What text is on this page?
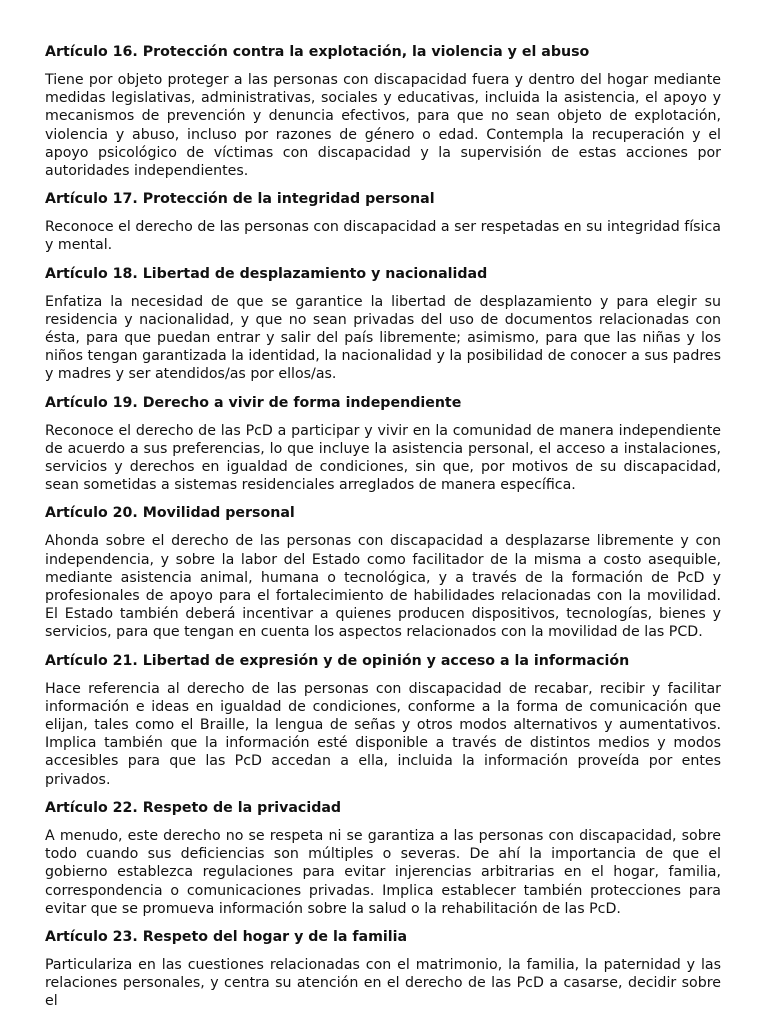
Artículo 16. Protección contra la explotación, la violencia y el abuso

Tiene por objeto proteger a las personas con discapacidad fuera y dentro del hogar mediante medidas legislativas, administrativas, sociales y educativas, incluida la asistencia, el apoyo y mecanismos de prevención y denuncia efectivos, para que no sean objeto de explotación, violencia y abuso, incluso por razones de género o edad. Contempla la recuperación y el apoyo psicológico de víctimas con discapacidad y la supervisión de estas acciones por autoridades independientes.

Artículo 17. Protección de la integridad personal

Reconoce el derecho de las personas con discapacidad a ser respetadas en su integridad física y mental.

Artículo 18. Libertad de desplazamiento y nacionalidad

Enfatiza la necesidad de que se garantice la libertad de desplazamiento y para elegir su residencia y nacionalidad, y que no sean privadas del uso de documentos relacionadas con ésta, para que puedan entrar y salir del país libremente; asimismo, para que las niñas y los niños tengan garantizada la identidad, la nacionalidad y la posibilidad de conocer a sus padres y madres y ser atendidos/as por ellos/as.

Artículo 19. Derecho a vivir de forma independiente

Reconoce el derecho de las PcD a participar y vivir en la comunidad de manera independiente de acuerdo a sus preferencias, lo que incluye la asistencia personal, el acceso a instalaciones, servicios y derechos en igualdad de condiciones, sin que, por motivos de su discapacidad, sean sometidas a sistemas residenciales arreglados de manera específica.

Artículo 20. Movilidad personal

Ahonda sobre el derecho de las personas con discapacidad a desplazarse libremente y con independencia, y sobre la labor del Estado como facilitador de la misma a costo asequible, mediante asistencia animal, humana o tecnológica, y a través de la formación de PcD y profesionales de apoyo para el fortalecimiento de habilidades relacionadas con la movilidad. El Estado también deberá incentivar a quienes producen dispositivos, tecnologías, bienes y servicios, para que tengan en cuenta los aspectos relacionados con la movilidad de las PCD.

Artículo 21. Libertad de expresión y de opinión y acceso a la información

Hace referencia al derecho de las personas con discapacidad de recabar, recibir y facilitar información e ideas en igualdad de condiciones, conforme a la forma de comunicación que elijan, tales como el Braille, la lengua de señas y otros modos alternativos y aumentativos. Implica también que la información esté disponible a través de distintos medios y modos accesibles para que las PcD accedan a ella, incluida la información proveída por entes privados.

Artículo 22. Respeto de la privacidad

A menudo, este derecho no se respeta ni se garantiza a las personas con discapacidad, sobre todo cuando sus deficiencias son múltiples o severas. De ahí la importancia de que el gobierno establezca regulaciones para evitar injerencias arbitrarias en el hogar, familia, correspondencia o comunicaciones privadas. Implica establecer también protecciones para evitar que se promueva información sobre la salud o la rehabilitación de las PcD.

Artículo 23. Respeto del hogar y de la familia

Particulariza en las cuestiones relacionadas con el matrimonio, la familia, la paternidad y las relaciones personales, y centra su atención en el derecho de las PcD a casarse, decidir sobre el
